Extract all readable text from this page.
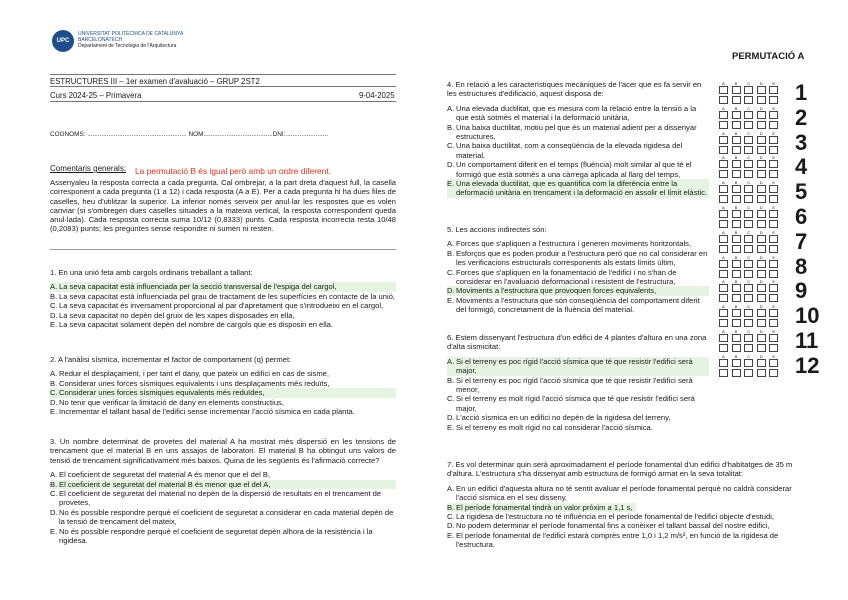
UPC
UNIVERSITAT POLITÈCNICA DE CATALUNYA
BARCELONATECH
Departament de Tecnologia de l'Arquitectura
PERMUTACIÓ A
ESTRUCTURES III – 1er examen d'avaluació – GRUP 2ST2
Curs 2024-25 – Primavera	9-04-2025
COGNOMS: ........................................................ NOM:......................................DNI:........................
Comentaris generals: La permutació B és igual però amb un ordre diferent.
Assenyaleu la resposta correcta a cada pregunta. Cal ombrejar, a la part dreta d'aquest full, la casella corresponent a cada pregunta (1 a 12) i cada resposta (A a E). Per a cada pregunta hi ha dues files de caselles, heu d'utilitzar la superior. La inferior només serveix per anul·lar les respostes que es volen canviar (si s'ombregen dues caselles situades a la mateixa vertical, la resposta correspondent queda anul·lada). Cada resposta correcta suma 10/12 (0,8333) punts. Cada resposta incorrecta resta 10/48 (0,2083) punts; les preguntes sense respondre ni sumen ni resten.
1. En una unió feta amb cargols ordinaris treballant a tallant:
A. La seva capacitat està influenciada per la secció transversal de l'espiga del cargol,
B. La seva capacitat està influenciada pel grau de tractament de les superfícies en contacte de la unió,
C. La seva capacitat és inversament proporcional al par d'apretament que s'introdueixi en el cargol,
D. La seva capacitat no depèn del gruix de les xapes disposades en ella,
E. La seva capacitat solament depèn del nombre de cargols que es disposin en ella.
2. A l'anàlisi sísmica, incrementar el factor de comportament (q) permet:
A. Reduir el desplaçament, i per tant el dany, que pateix un edifici en cas de sisme,
B. Considerar unes forces sísmiques equivalents i uns desplaçaments més reduïts,
C. Considerar unes forces sísmiques equivalents més reduïdes,
D. No tenir que verificar la limitació de dany en elements constructius,
E. Incrementar el tallant basal de l'edifici sense incrementar l'acció sísmica en cada planta.
3. Un nombre determinat de provetes del material A ha mostrat més dispersió en les tensions de trencament que el material B en uns assajos de laboratori. El material B ha obtingut uns valors de tensió de trencament significativament més baixos. Quina de les següents és l'afirmació correcte?
A. El coeficient de seguretat del material A és menor que el del B,
B. El coeficient de seguretat del material B és menor que el del A,
C. El coeficient de seguretat del material no depèn de la dispersió de resultats en el trencament de provetes,
D. No és possible respondre perquè el coeficient de seguretat a considerar en cada material depèn de la tensió de trencament del mateix,
E. No és possible respondre perquè el coeficient de seguretat depèn alhora de la resistència i la rigidesa.
4. En relació a les característiques mecàniques de l'acer que es fa servir en les estructures d'edificació, aquest disposa de:
A. Una elevada ductilitat, que es mesura com la relació entre la tensió a la que està sotmès el material i la deformació unitària,
B. Una baixa ductilitat, motiu pel que és un material adient per a dissenyar estructures,
C. Una baixa ductilitat, com a conseqüència de la elevada rigidesa del material,
D. Un comportament diferit en el temps (fluència) molt similar al que té el formigó que està sotmès a una càrrega aplicada al llarg del temps,
E. Una elevada ductilitat, que es quantifica com la diferència entre la deformació unitària en trencament i la deformació en assolir el límit elàstic.
5. Les accions indirectes són:
A. Forces que s'apliquen a l'estructura i generen moviments horitzontals,
B. Esforços que es poden produir a l'estructura però que no cal considerar en les verificacions estructurals corresponents als estats límits últim,
C. Forces que s'apliquen en la fonamentació de l'edifici i no s'han de considerar en l'avaluació deformacional i resistent de l'estructura,
D. Moviments a l'estructura que provoquen forces equivalents,
E. Moviments a l'estructura que són conseqüència del comportament diferit del formigó, concretament de la fluència del material.
6. Estem dissenyant l'estructura d'un edifici de 4 plantes d'altura en una zona d'alta sismicitat:
A. Si el terreny es poc rígid l'acció sísmica que té que resistir l'edifici serà major,
B. Si el terreny es poc rígid l'acció sísmica que té que resistir l'edifici serà menor,
C. Si el terreny es molt rígid l'acció sísmica que té que resistir l'edifici serà major,
D. L'acció sísmica en un edifici no depèn de la rigidesa del terreny,
E. Si el terreny es molt rígid no cal considerar l'acció sísmica.
7. Es vol determinar quin serà aproximadament el període fonamental d'un edifici d'habitatges de 35 m d'altura. L'estructura s'ha dissenyat amb estructura de formigó armat en la seva totalitat:
A. En un edifici d'aquesta altura no té sentit avaluar el període fonamental perquè no caldrà considerar l'acció sísmica en el seu disseny,
B. El període fonamental tindrà un valor pròxim a 1,1 s,
C. La rigidesa de l'estructura no té influència en el període fonamental de l'edifici objecte d'estudi,
D. No podem determinar el període fonamental fins a conèixer el tallant bassal del nostre edifici,
E. El període fonamental de l'edifici estarà comprès entre 1,0 i 1,2 m/s², en funció de la rigidesa de l'estructura.
A B C D E 1
A B C D E 2
A B C D E 3
A B C D E 4
A B C D E 5
A B C D E 6
A B C D E 7
A B C D E 8
A B C D E 9
A B C D E 10
A B C D E 11
A B C D E 12
